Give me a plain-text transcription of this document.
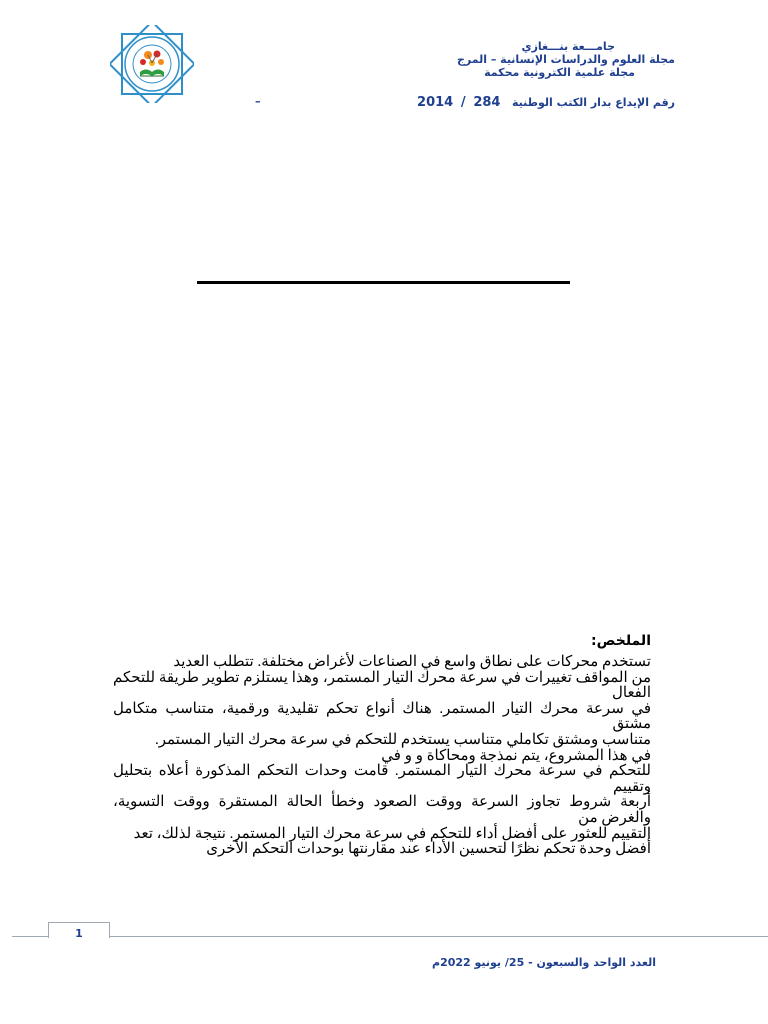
جامـــعة بنـــغازي
مجلة العلوم والدراسات الإنسانية – المرج
مجلة علمية الكترونية محكمة
رقم الإيداع بدار الكتب الوطنية   284  /  2014
–
الملخص:

تستخدم محركات على نطاق واسع في الصناعات لأغراض مختلفة. تتطلب العديد

من المواقف تغييرات في سرعة محرك التيار المستمر، وهذا يستلزم تطوير طريقة للتحكم الفعال

في سرعة محرك التيار المستمر. هناك أنواع تحكم تقليدية ورقمية، متناسب متكامل مشتق

متناسب ومشتق تكاملي متناسب يستخدم للتحكم في سرعة محرك التيار المستمر.

في هذا المشروع، يتم نمذجة ومحاكاة و و في

للتحكم في سرعة محرك التيار المستمر. قامت وحدات التحكم المذكورة أعلاه بتحليل وتقييم

أربعة شروط تجاوز السرعة ووقت الصعود وخطأ الحالة المستقرة ووقت التسوية، والغرض من

التقييم للعثور على أفضل أداء للتحكم في سرعة محرك التيار المستمر. نتيجة لذلك، تعد

أفضل وحدة تحكم نظرًا لتحسين الأداء عند مقارنتها بوحدات التحكم الأخرى

1
العدد الواحد والسبعون - 25/ يونيو 2022م
